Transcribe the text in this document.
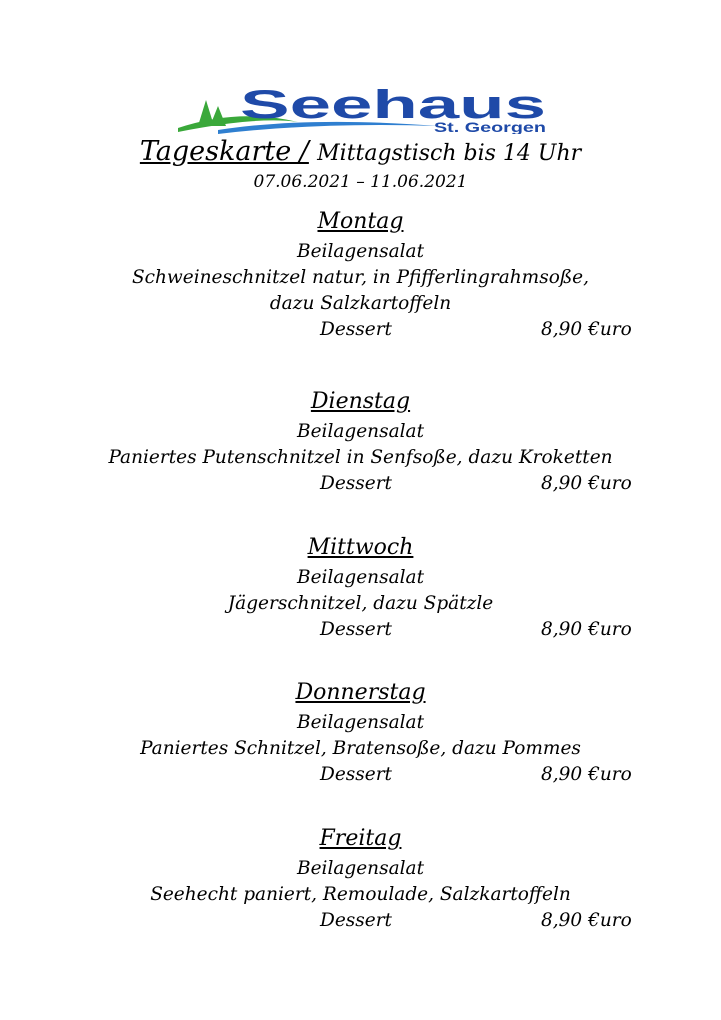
Seehaus
St. Georgen
Tageskarte / Mittagstisch bis 14 Uhr
07.06.2021 – 11.06.2021
Montag
Beilagensalat
Schweineschnitzel natur, in Pfifferlingrahmsoße,
dazu Salzkartoffeln
Dessert	8,90 €uro
Dienstag
Beilagensalat
Paniertes Putenschnitzel in Senfsoße, dazu Kroketten
Dessert	8,90 €uro
Mittwoch
Beilagensalat
Jägerschnitzel, dazu Spätzle
Dessert	8,90 €uro
Donnerstag
Beilagensalat
Paniertes Schnitzel, Bratensoße, dazu Pommes
Dessert	8,90 €uro
Freitag
Beilagensalat
Seehecht paniert, Remoulade, Salzkartoffeln
Dessert	8,90 €uro
